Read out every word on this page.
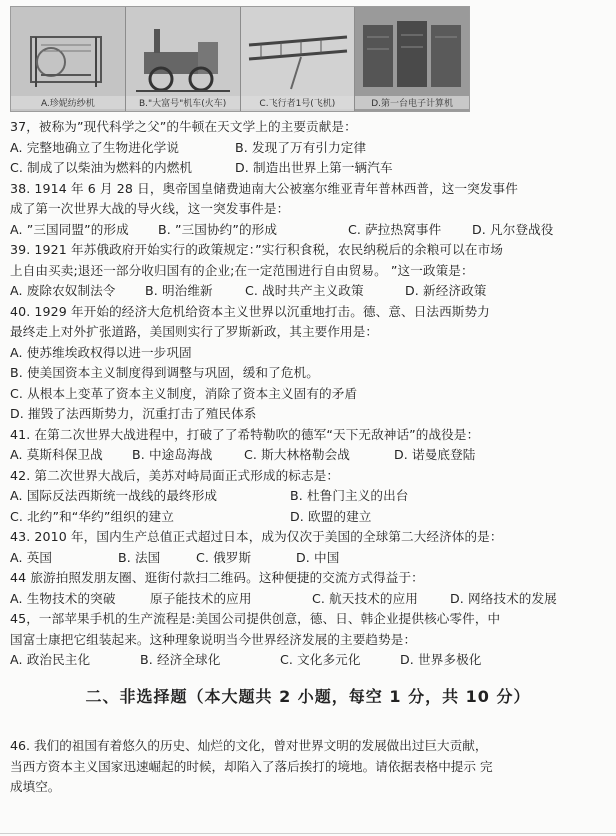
A.珍妮纺纱机	B."大富号"机车(火车)	C.飞行者1号(飞机)	D.第一台电子计算机
37，被称为”现代科学之父”的牛顿在天文学上的主要贡献是：
A. 完整地确立了生物进化学说	B. 发现了万有引力定律
C. 制成了以柴油为燃料的内燃机	D. 制造出世界上第一辆汽车
38. 1914 年 6 月 28 日，奥帝国皇储费迪南大公被塞尔维亚青年普林西普，这一突发事件
成了第一次世界大战的导火线，这一突发事件是：
A. ”三国同盟”的形成	B. ”三国协约”的形成	C. 萨拉热窝事件	D. 凡尔登战役
39. 1921 年苏俄政府开始实行的政策规定：”实行积食税，农民纳税后的余粮可以在市场
上自由买卖;退还一部分收归国有的企业;在一定范围进行自由贸易。 ”这一政策是：
A. 废除农奴制法令	B. 明治维新	C. 战时共产主义政策	D. 新经济政策
40. 1929 年开始的经济大危机给资本主义世界以沉重地打击。德、意、日法西斯势力
最终走上对外扩张道路，美国则实行了罗斯新政，其主要作用是：
A. 使苏维埃政权得以进一步巩固
B. 使美国资本主义制度得到调整与巩固，缓和了危机。
C. 从根本上变革了资本主义制度，消除了资本主义固有的矛盾
D. 摧毁了法西斯势力，沉重打击了殖民体系
41. 在第二次世界大战进程中，打破了了希特勒吹的德军“天下无敌神话”的战役是：
A. 莫斯科保卫战	B. 中途岛海战	C. 斯大林格勒会战	D. 诺曼底登陆
42. 第二次世界大战后，美苏对峙局面正式形成的标志是：
A. 国际反法西斯统一战线的最终形成	B. 杜鲁门主义的出台
C. 北约”和“华约”组织的建立	D. 欧盟的建立
43. 2010 年，国内生产总值正式超过日本，成为仅次于美国的全球第二大经济体的是：
A. 英国	B. 法国	C. 俄罗斯	D. 中国
44 旅游拍照发朋友圈、逛街付款扫二维码。这种便捷的交流方式得益于：
A. 生物技术的突破	原子能技术的应用	C. 航天技术的应用	D. 网络技术的发展
45，一部苹果手机的生产流程是:美国公司提供创意，德、日、韩企业提供核心零件，中
国富士康把它组装起来。这种理象说明当今世界经济发展的主要趋势是：
A. 政治民主化	B. 经济全球化	C. 文化多元化	D. 世界多极化
二、非选择题（本大题共 2 小题，每空 1 分，共 10 分）
46. 我们的祖国有着悠久的历史、灿烂的文化，曾对世界文明的发展做出过巨大贡献，
当西方资本主义国家迅速崛起的时候，却陷入了落后挨打的境地。请依据表格中提示 完
成填空。
